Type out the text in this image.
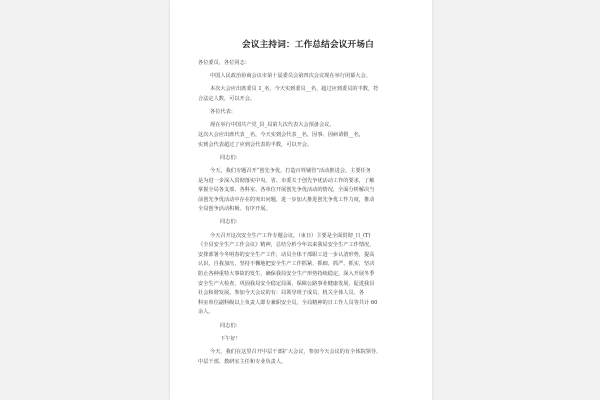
会议主持词：工作总结会议开场白
各位委员、各位同志：
中国人民政治协商会议市第十届委员会第四次会议现在举行闭幕大会。
本次大会应出席委员 1_名，今天实到委员__名，超过应到委员的半数，符
合法定人数，可以开会。
各位代表：
现在举行中国共产党_县_局第九次代表大会预备会议。
这次大会应出席代表__名，今天实到会代表__名，因事、因病请假__名，
实到会代表超过了应到会代表的半数，可以开会。
同志们：
今天，我们专题召开“创先争优，打造百姓铺管”活动推进会，主要任务
是为进一步深入贯彻落实中央、省、市委关于创先争优活动工作的要求，了解
掌握全局各支部、各科室、各单位开展创先争优活动的情况，全面分析解决当
前创先争优活动中存在的突出问题，进一步加大推进创先争优工作力度，推动
全局创争活动积极、有序开展。
同志们：
今天召开这次安全生产工作专题会议，（束日）主要是全面贯彻_日_(T)
《全县安全生产工作会议》精神，总结分析今年以来我局安全生产工作情况，
安排部署今冬明春的安全生产工作，动员全体干部职工进一步认清形势，提高
认识，自我加压，坚持不懈地把安全生产工作抓紧、抓细、抓严、抓实，坚决
防止各种重特大事故的发生，确保我局安全生产形势持续稳定，深入开展冬季
安全生产大检查，巩固我局安全稳定局面，保障公路事业健康发展，促进我县
社会和谐发展。参加今天会议的有：局领导班子成员、机关全体人员、各
科室单位副科级以上负责人即专兼职安全员，全局精神的日工作人员等共计 60
余人。
同志们：
下午好！
今天，我们在这里召开中层干部扩大会议，参加今天会议的有全体院领导、
中层干部、教研室主任和专业负责人。
